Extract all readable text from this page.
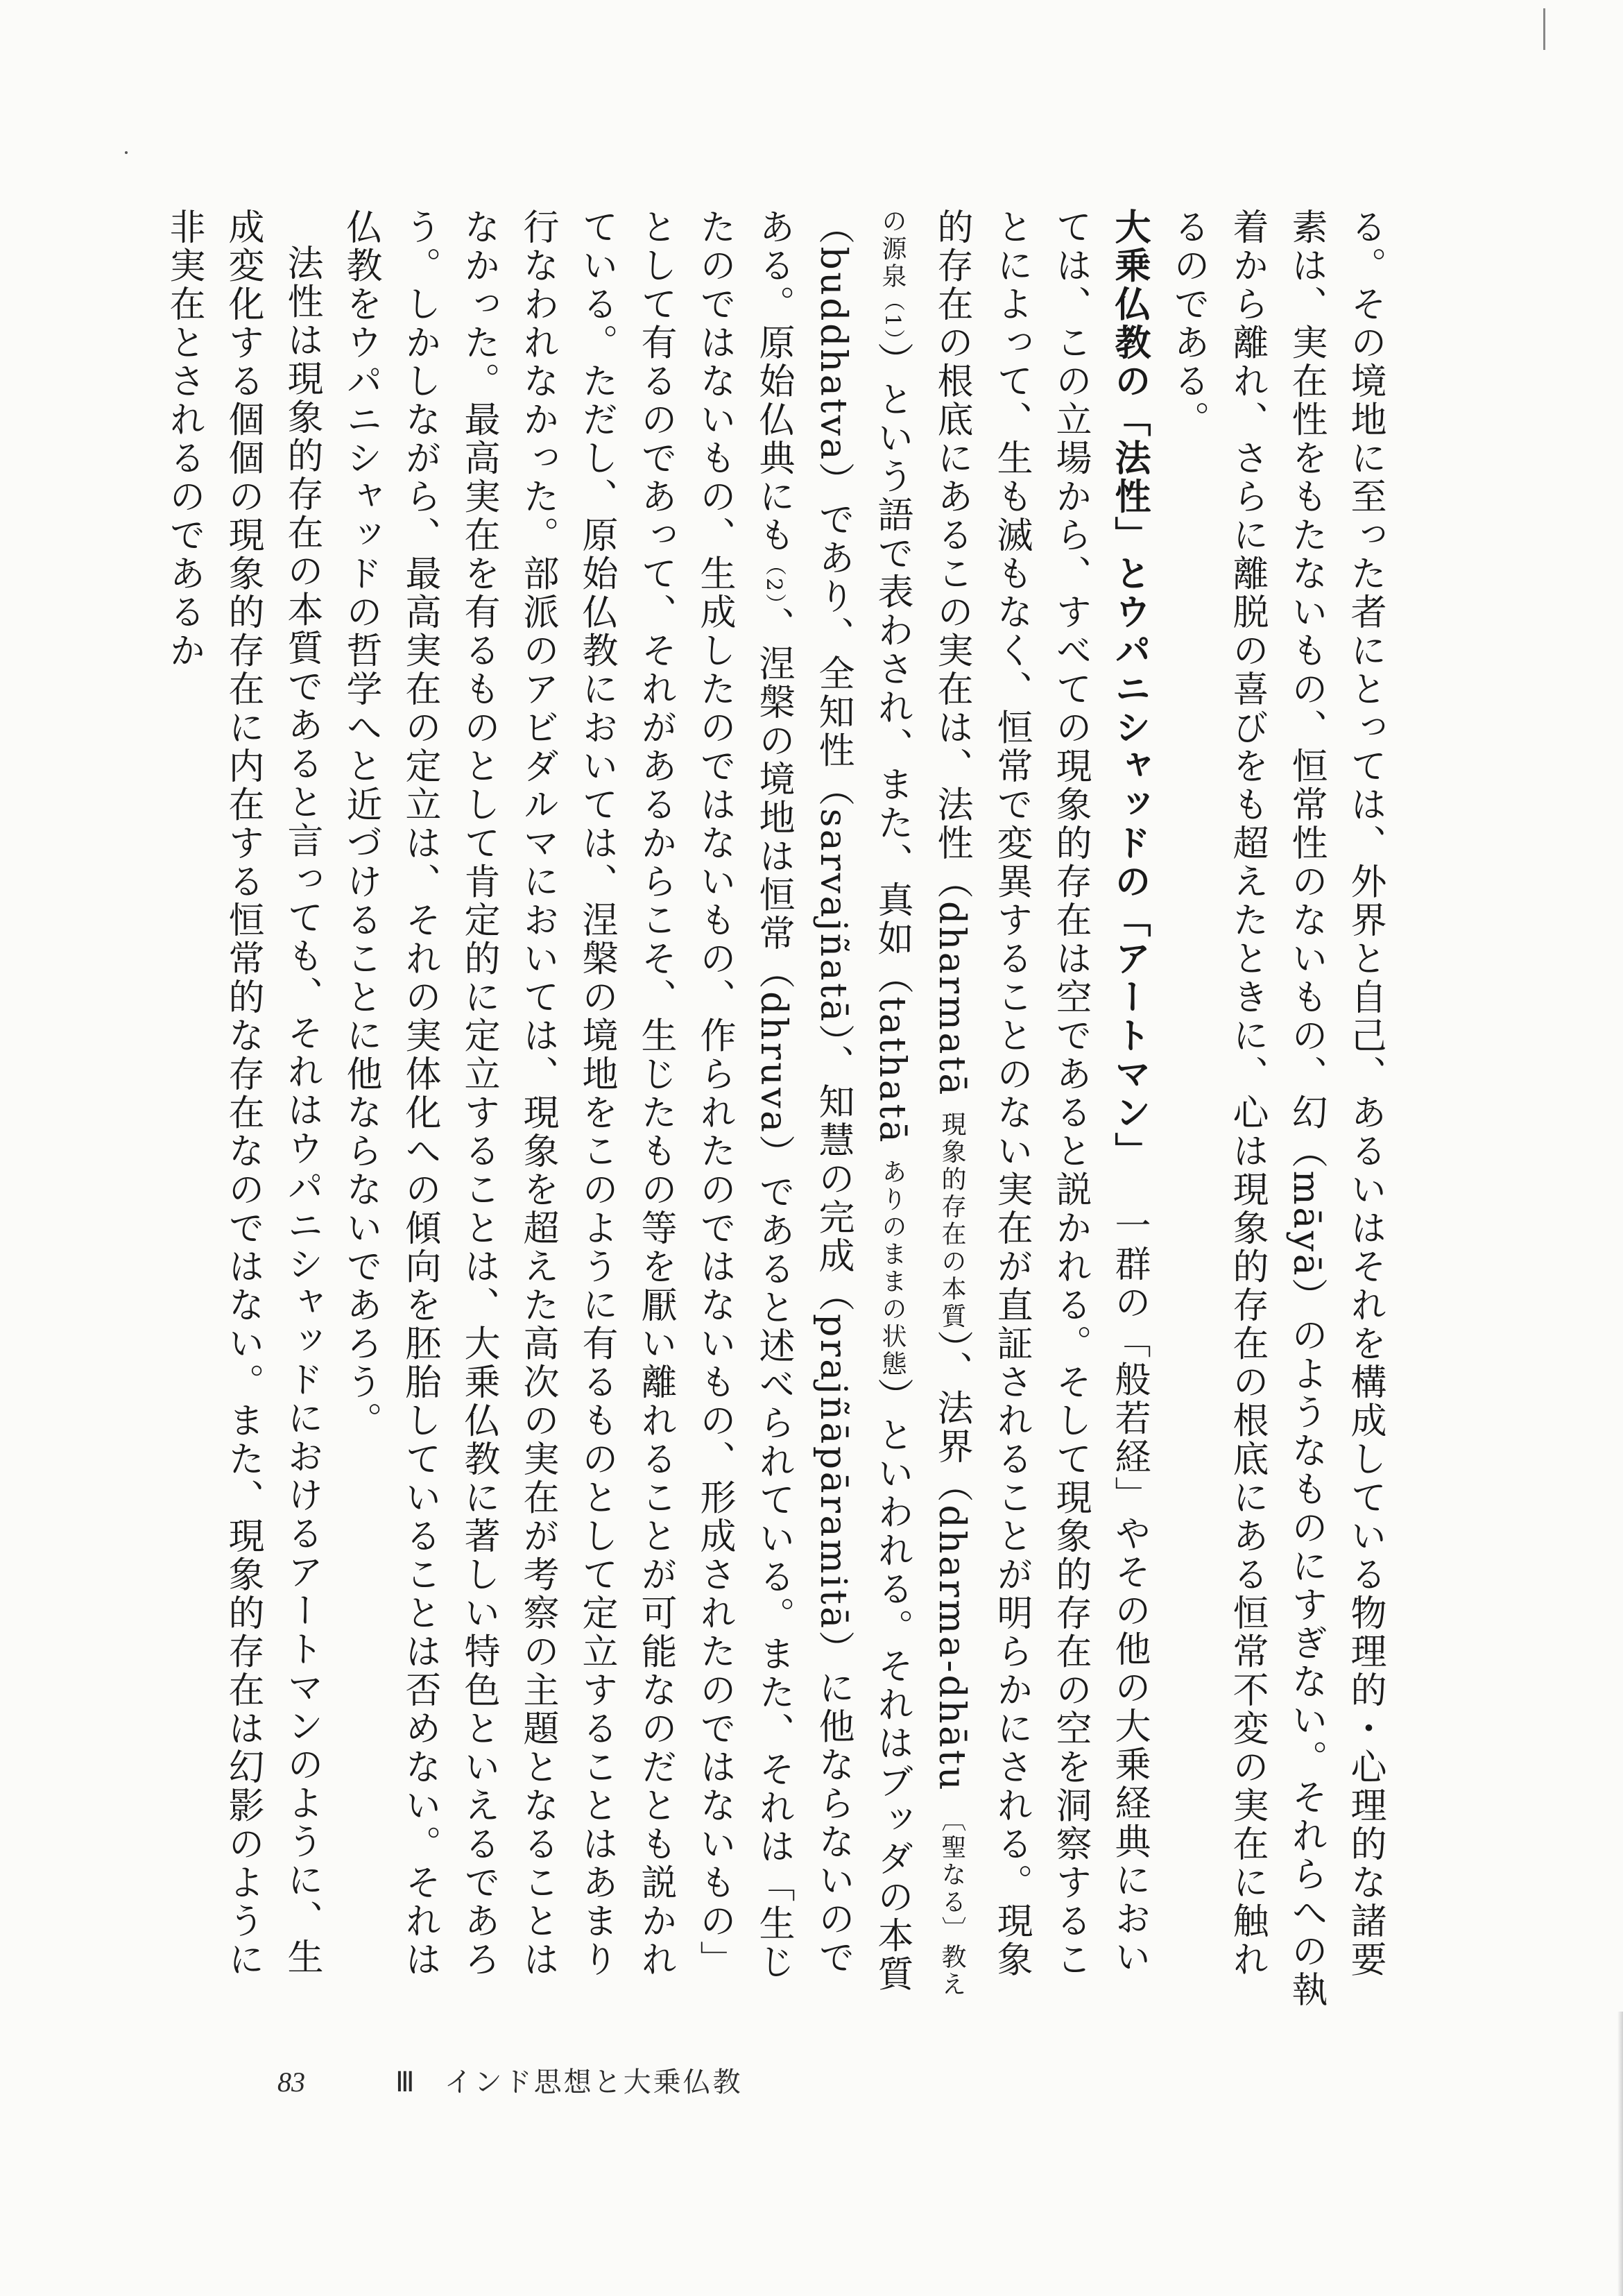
る。その境地に至った者にとっては、外界と自己、あるいはそれを構成している物理的・心理的な諸要素は、実在性をもたないもの、恒常性のないもの、幻（māyā）のようなものにすぎない。それらへの執着から離れ、さらに離脱の喜びをも超えたときに、心は現象的存在の根底にある恒常不変の実在に触れるのである。

大乗仏教の「法性」とウパニシャッドの「アートマン」一群の「般若経」やその他の大乗経典においては、この立場から、すべての現象的存在は空であると説かれる。そして現象的存在の空を洞察することによって、生も滅もなく、恒常で変異することのない実在が直証されることが明らかにされる。現象的存在の根底にあるこの実在は、法性（dharmatā 現象的存在の本質）、法界（dharma-dhātu 〔聖なる〕教えの源泉（1））という語で表わされ、また、真如（tathatā ありのままの状態）といわれる。それはブッダの本質（buddhatva）であり、全知性（sarvajñatā）、知慧の完成（prajñāpāramitā）に他ならないのである。原始仏典にも（2）、涅槃の境地は恒常（dhruva）であると述べられている。また、それは「生じたのではないもの、生成したのではないもの、作られたのではないもの、形成されたのではないもの」として有るのであって、それがあるからこそ、生じたもの等を厭い離れることが可能なのだとも説かれている。ただし、原始仏教においては、涅槃の境地をこのように有るものとして定立することはあまり行なわれなかった。部派のアビダルマにおいては、現象を超えた高次の実在が考察の主題となることはなかった。最高実在を有るものとして肯定的に定立することは、大乗仏教に著しい特色といえるであろう。しかしながら、最高実在の定立は、それの実体化への傾向を胚胎していることは否めない。それは仏教をウパニシャッドの哲学へと近づけることに他ならないであろう。

法性は現象的存在の本質であると言っても、それはウパニシャッドにおけるアートマンのように、生成変化する個個の現象的存在に内在する恒常的な存在なのではない。また、現象的存在は幻影のように非実在とされるのであるか

83	Ⅲ インド思想と大乗仏教
